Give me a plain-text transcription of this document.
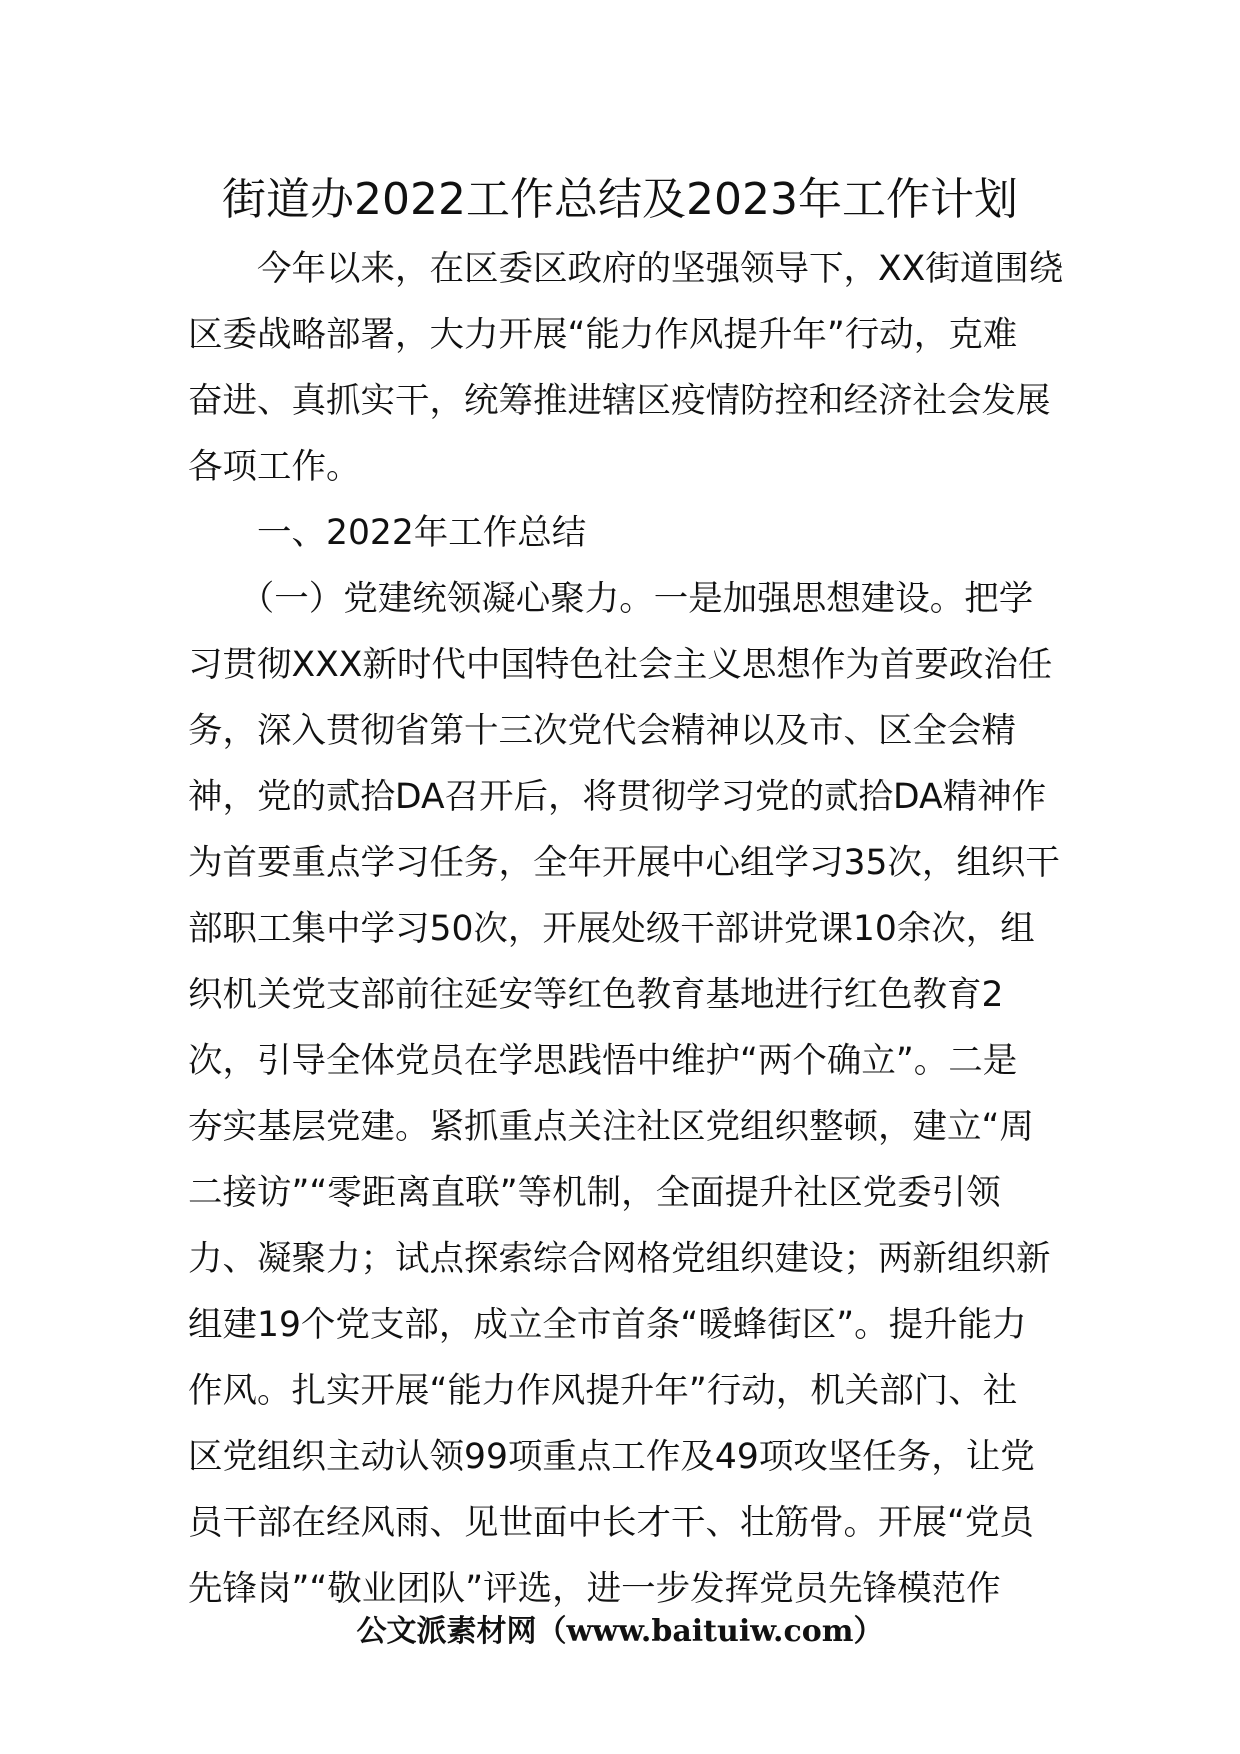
街道办2022工作总结及2023年工作计划
　　今年以来，在区委区政府的坚强领导下，XX街道围绕
区委战略部署，大力开展“能力作风提升年”行动，克难
奋进、真抓实干，统筹推进辖区疫情防控和经济社会发展
各项工作。
　　一、2022年工作总结
　　（一）党建统领凝心聚力。一是加强思想建设。把学
习贯彻XXX新时代中国特色社会主义思想作为首要政治任
务，深入贯彻省第十三次党代会精神以及市、区全会精
神，党的贰拾DA召开后，将贯彻学习党的贰拾DA精神作
为首要重点学习任务，全年开展中心组学习35次，组织干
部职工集中学习50次，开展处级干部讲党课10余次，组
织机关党支部前往延安等红色教育基地进行红色教育2
次，引导全体党员在学思践悟中维护“两个确立”。二是
夯实基层党建。紧抓重点关注社区党组织整顿，建立“周
二接访”“零距离直联”等机制，全面提升社区党委引领
力、凝聚力；试点探索综合网格党组织建设；两新组织新
组建19个党支部，成立全市首条“暖蜂街区”。提升能力
作风。扎实开展“能力作风提升年”行动，机关部门、社
区党组织主动认领99项重点工作及49项攻坚任务，让党
员干部在经风雨、见世面中长才干、壮筋骨。开展“党员
先锋岗”“敬业团队”评选，进一步发挥党员先锋模范作
公文派素材网（www.baituiw.com）
